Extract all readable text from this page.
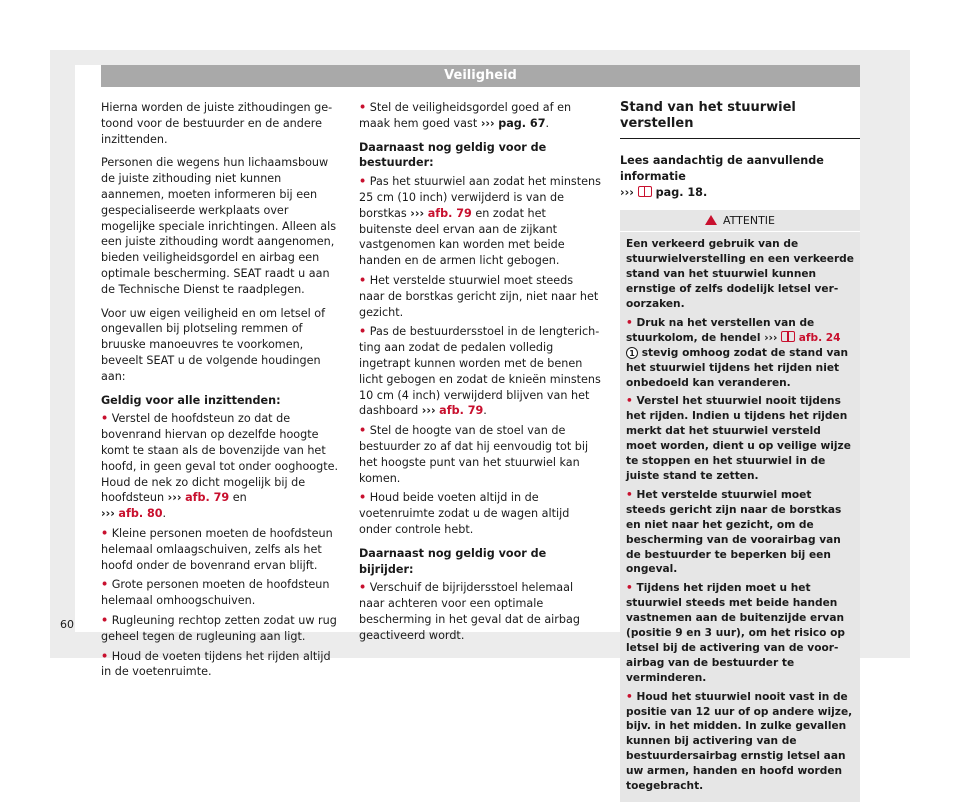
Veiligheid

Hierna worden de juiste zithoudingen getoond voor de bestuurder en de andere inzittenden.

Personen die wegens hun lichaamsbouw de juiste zithouding niet kunnen aannemen, moeten informeren bij een gespecialiseerde werkplaats over mogelijke speciale inrichtingen. Alleen als een juiste zithouding wordt aangenomen, bieden veiligheidsgordel en airbag een optimale bescherming. SEAT raadt u aan de Technische Dienst te raadplegen.

Voor uw eigen veiligheid en om letsel of ongevallen bij plotseling remmen of bruuske manoeuvres te voorkomen, beveelt SEAT u de volgende houdingen aan:

Geldig voor alle inzittenden:

• Verstel de hoofdsteun zo dat de bovenrand hiervan op dezelfde hoogte komt te staan als de bovenzijde van het hoofd, in geen geval tot onder ooghoogte. Houd de nek zo dicht mogelijk bij de hoofdsteun ››› afb. 79 en
››› afb. 80.

• Kleine personen moeten de hoofdsteun helemaal omlaagschuiven, zelfs als het hoofd onder de bovenrand ervan blijft.

• Grote personen moeten de hoofdsteun helemaal omhoogschuiven.

• Rugleuning rechtop zetten zodat uw rug geheel tegen de rugleuning aan ligt.

• Houd de voeten tijdens het rijden altijd in de voetenruimte.

• Stel de veiligheidsgordel goed af en maak hem goed vast ››› pag. 67.

Daarnaast nog geldig voor de bestuurder:

• Pas het stuurwiel aan zodat het minstens 25 cm (10 inch) verwijderd is van de borstkas ››› afb. 79 en zodat het buitenste deel ervan aan de zijkant vastgenomen kan worden met beide handen en de armen licht gebogen.

• Het verstelde stuurwiel moet steeds naar de borstkas gericht zijn, niet naar het gezicht.

• Pas de bestuurdersstoel in de lengterichting aan zodat de pedalen volledig ingetrapt kunnen worden met de benen licht gebogen en zodat de knieën minstens 10 cm (4 inch) verwijderd blijven van het dashboard ››› afb. 79.

• Stel de hoogte van de stoel van de bestuurder zo af dat hij eenvoudig tot bij het hoogste punt van het stuurwiel kan komen.

• Houd beide voeten altijd in de voetenruimte zodat u de wagen altijd onder controle hebt.

Daarnaast nog geldig voor de bijrijder:

• Verschuif de bijrijdersstoel helemaal naar achteren voor een optimale bescherming in het geval dat de airbag geactiveerd wordt.

Stand van het stuurwiel verstellen

Lees aandachtig de aanvullende informatie
››› pag. 18.

ATTENTIE

Een verkeerd gebruik van de stuurwielverstelling en een verkeerde stand van het stuurwiel kunnen ernstige of zelfs dodelijk letsel veroorzaken.

• Druk na het verstellen van de stuurkolom, de hendel ››› afb. 24 1 stevig omhoog zodat de stand van het stuurwiel tijdens het rijden niet onbedoeld kan veranderen.

• Verstel het stuurwiel nooit tijdens het rijden. Indien u tijdens het rijden merkt dat het stuurwiel versteld moet worden, dient u op veilige wijze te stoppen en het stuurwiel in de juiste stand te zetten.

• Het verstelde stuurwiel moet steeds gericht zijn naar de borstkas en niet naar het gezicht, om de bescherming van de voorairbag van de bestuurder te beperken bij een ongeval.

• Tijdens het rijden moet u het stuurwiel steeds met beide handen vastnemen aan de buitenzijde ervan (positie 9 en 3 uur), om het risico op letsel bij de activering van de voorairbag van de bestuurder te verminderen.

• Houd het stuurwiel nooit vast in de positie van 12 uur of op andere wijze, bijv. in het midden. In zulke gevallen kunnen bij activering van de bestuurdersairbag ernstig letsel aan uw armen, handen en hoofd worden toegebracht.

60
